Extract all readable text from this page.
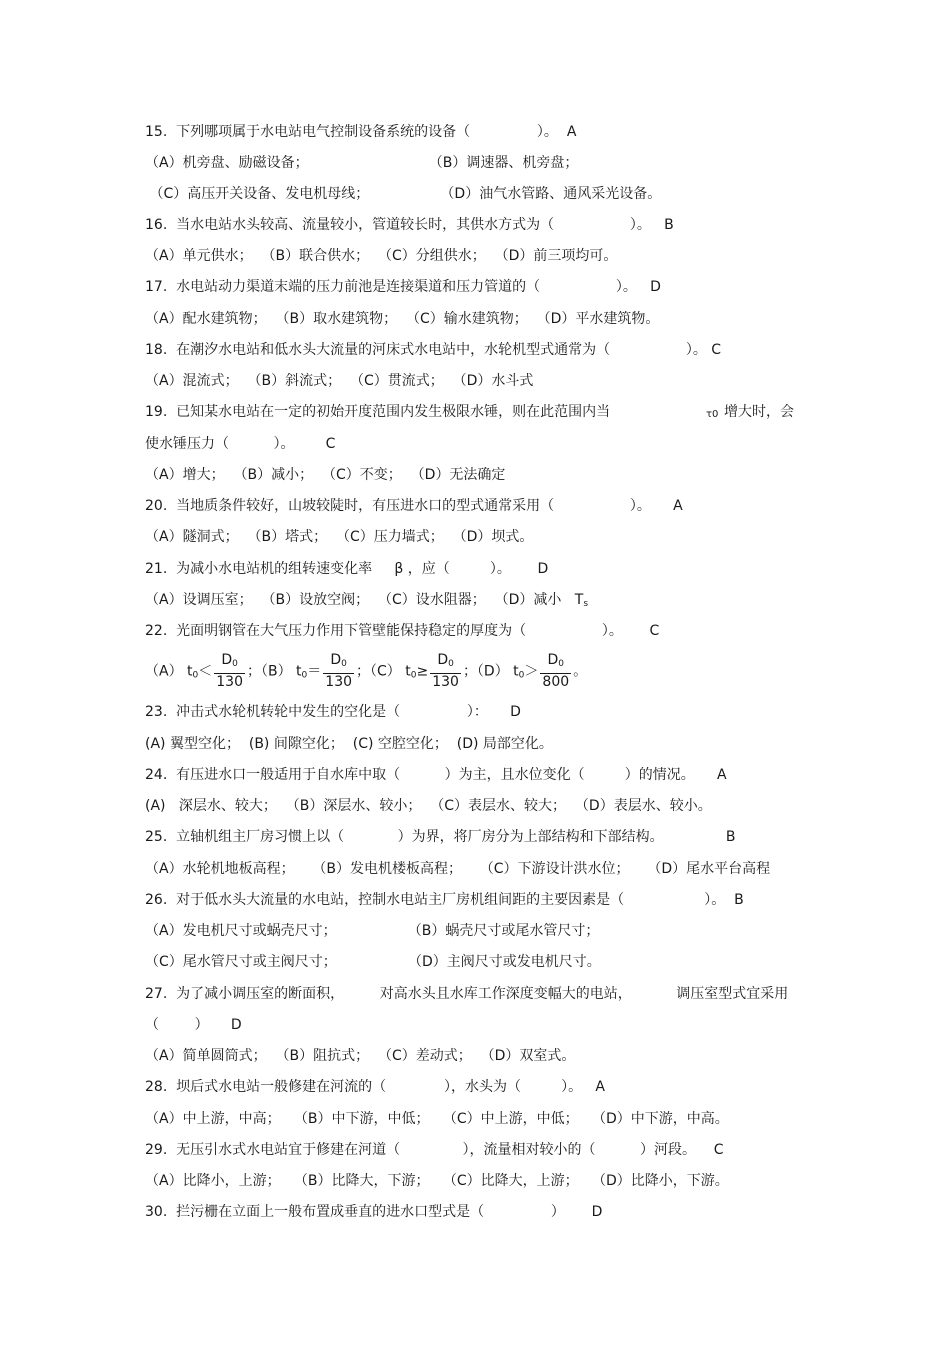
15.  下列哪项属于水电站电气控制设备系统的设备（               ）。  A
（A）机旁盘、励磁设备；                           （B）调速器、机旁盘；
（C）高压开关设备、发电机母线；                （D）油气水管路、通风采光设备。
16.  当水电站水头较高、流量较小，管道较长时，其供水方式为（                 ）。   B
（A）单元供水；  （B）联合供水；  （C）分组供水；  （D）前三项均可。
17.  水电站动力渠道末端的压力前池是连接渠道和压力管道的（                 ）。   D
（A）配水建筑物；  （B）取水建筑物；  （C）输水建筑物；  （D）平水建筑物。
18.  在潮汐水电站和低水头大流量的河床式水电站中，水轮机型式通常为（                 ）。 C
（A）混流式；  （B）斜流式；  （C）贯流式；  （D）水斗式
19.  已知某水电站在一定的初始开度范围内发生极限水锤，则在此范围内当	τ0 增大时，会
使水锤压力（          ）。       C
（A）增大；  （B）减小；  （C）不变；  （D）无法确定
20.  当地质条件较好，山坡较陡时，有压进水口的型式通常采用（                 ）。     A
（A）隧洞式；  （B）塔式；  （C）压力墙式；  （D）坝式。
21.  为减小水电站机的组转速变化率     β ，应（         ）。      D
（A）设调压室；  （B）设放空阀；  （C）设水阻器；  （D）减小   $T_s$
22.  光面明钢管在大气压力作用下管壁能保持稳定的厚度为（                 ）。      C
（A） $t_0< \frac{D_0}{130}$ ；（B） $t_0= \frac{D_0}{130}$ ；（C） $t_0\ge \frac{D_0}{130}$ ；（D） $t_0> \frac{D_0}{800}$ 。
23.  冲击式水轮机转轮中发生的空化是（               ）：     D
(A) 翼型空化；  (B) 间隙空化；  (C) 空腔空化；  (D) 局部空化。
24.  有压进水口一般适用于自水库中取（          ）为主，且水位变化（         ）的情况。     A
(A)   深层水、较大；  （B）深层水、较小；  （C）表层水、较大；  （D）表层水、较小。
25.  立轴机组主厂房习惯上以（            ）为界，将厂房分为上部结构和下部结构。              B
（A）水轮机地板高程；    （B）发电机楼板高程；    （C）下游设计洪水位；    （D）尾水平台高程
26.  对于低水头大流量的水电站，控制水电站主厂房机组间距的主要因素是（                  ）。  B
（A）发电机尺寸或蜗壳尺寸；                （B）蜗壳尺寸或尾水管尺寸；
（C）尾水管尺寸或主阀尺寸；                （D）主阀尺寸或发电机尺寸。
27.  为了减小调压室的断面积，        对高水头且水库工作深度变幅大的电站，          调压室型式宜采用
（        ）     D
（A）简单圆筒式；  （B）阻抗式；  （C）差动式；  （D）双室式。
28.  坝后式水电站一般修建在河流的（             ），水头为（         ）。   A
（A）中上游，中高；   （B）中下游，中低；   （C）中上游，中低；   （D）中下游，中高。
29.  无压引水式水电站宜于修建在河道（              ），流量相对较小的（          ）河段。    C
（A）比降小，上游；   （B）比降大，下游；   （C）比降大，上游；   （D）比降小，下游。
30.  拦污栅在立面上一般布置成垂直的进水口型式是（               ）      D
